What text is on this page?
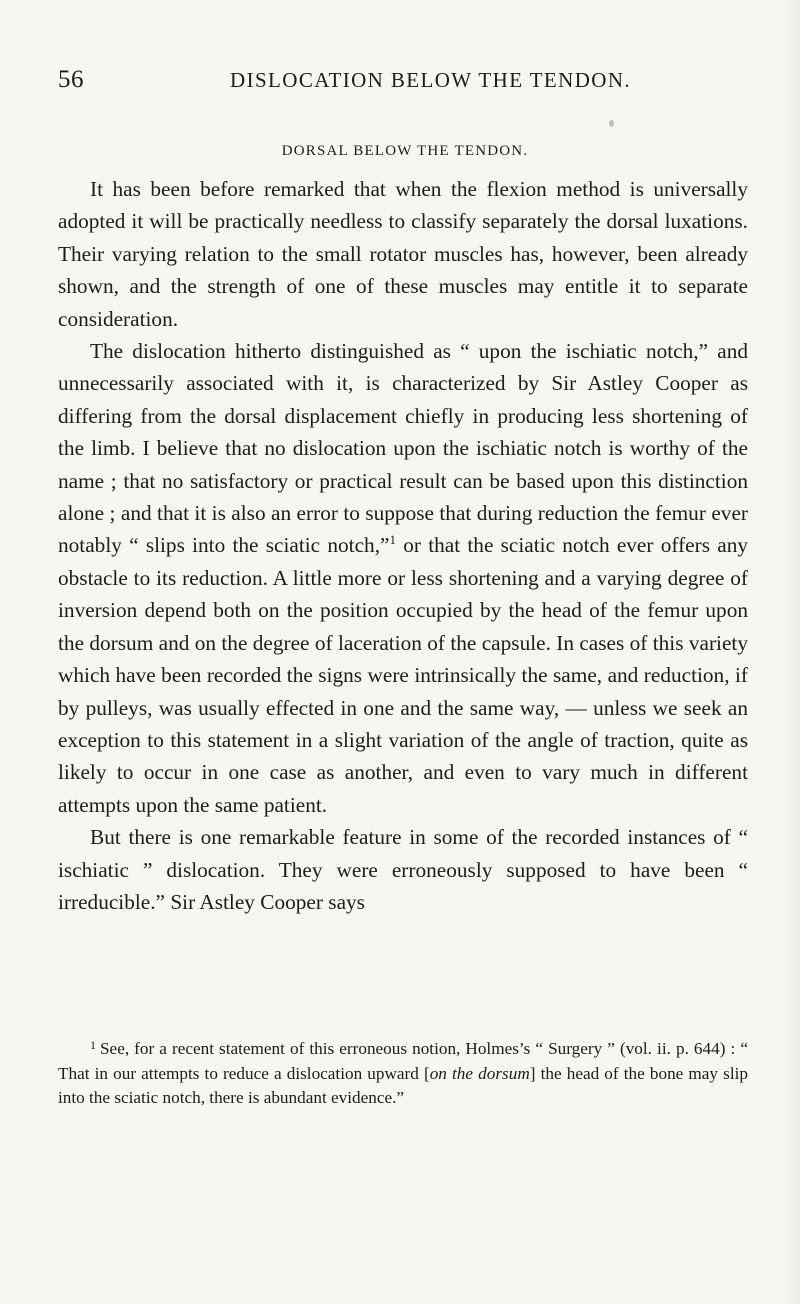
56	DISLOCATION BELOW THE TENDON.
DORSAL BELOW THE TENDON.

It has been before remarked that when the flexion method is universally adopted it will be practically needless to classify separately the dorsal luxations. Their varying relation to the small rotator muscles has, however, been already shown, and the strength of one of these muscles may entitle it to separate consideration.

The dislocation hitherto distinguished as “ upon the ischiatic notch,” and unnecessarily associated with it, is characterized by Sir Astley Cooper as differing from the dorsal displacement chiefly in producing less shortening of the limb. I believe that no dislocation upon the ischiatic notch is worthy of the name ; that no satisfactory or practical result can be based upon this distinction alone ; and that it is also an error to suppose that during reduction the femur ever notably “ slips into the sciatic notch,”$^1$ or that the sciatic notch ever offers any obstacle to its reduction. A little more or less shortening and a varying degree of inversion depend both on the position occupied by the head of the femur upon the dorsum and on the degree of laceration of the capsule. In cases of this variety which have been recorded the signs were intrinsically the same, and reduction, if by pulleys, was usually effected in one and the same way, — unless we seek an exception to this statement in a slight variation of the angle of traction, quite as likely to occur in one case as another, and even to vary much in different attempts upon the same patient.

But there is one remarkable feature in some of the recorded instances of “ ischiatic ” dislocation. They were erroneously supposed to have been “ irreducible.” Sir Astley Cooper says

$^1$ See, for a recent statement of this erroneous notion, Holmes’s “ Surgery ” (vol. ii. p. 644) : “ That in our attempts to reduce a dislocation upward [on the dorsum] the head of the bone may slip into the sciatic notch, there is abundant evidence.”
